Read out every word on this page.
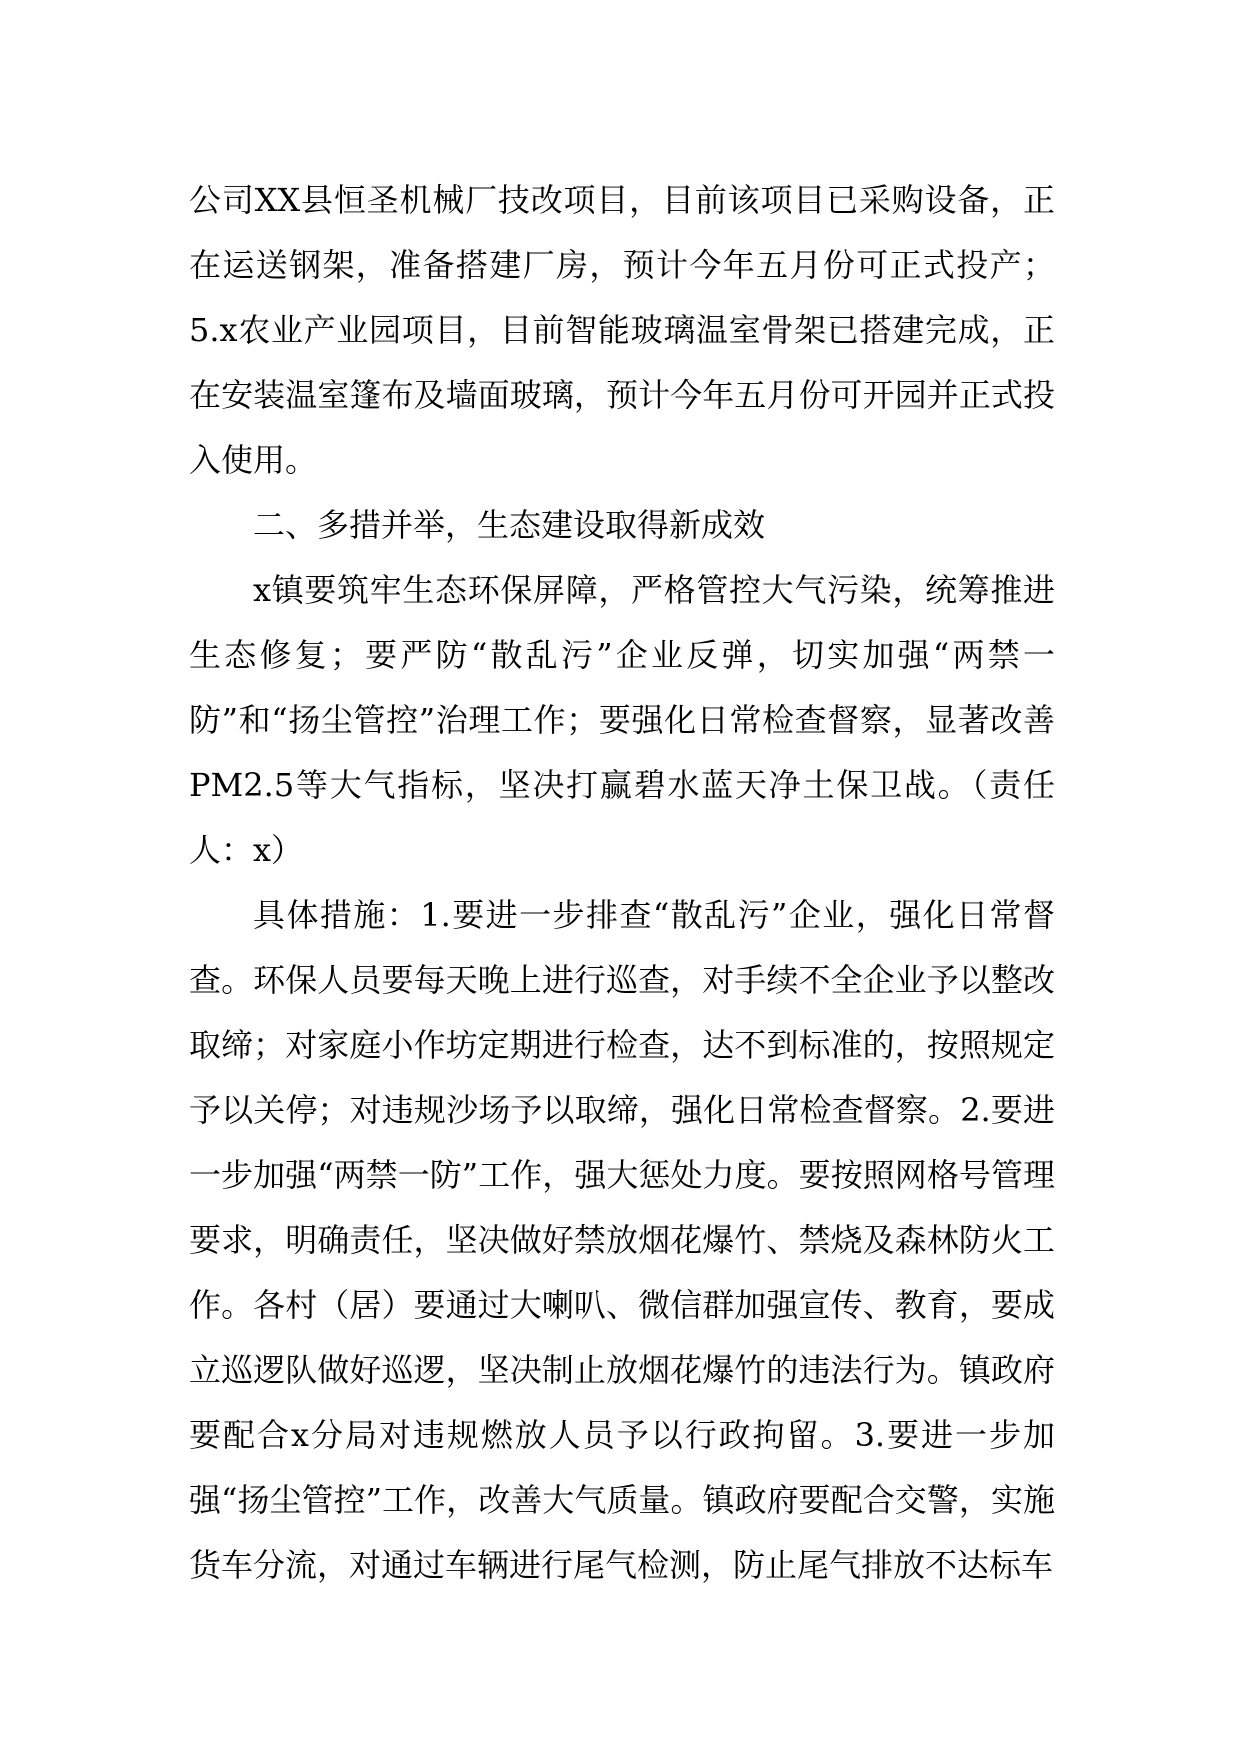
公司XX县恒圣机械厂技改项目，目前该项目已采购设备，正在运送钢架，准备搭建厂房，预计今年五月份可正式投产；5.x农业产业园项目，目前智能玻璃温室骨架已搭建完成，正在安装温室篷布及墙面玻璃，预计今年五月份可开园并正式投入使用。

二、多措并举，生态建设取得新成效

x镇要筑牢生态环保屏障，严格管控大气污染，统筹推进生态修复；要严防“散乱污”企业反弹，切实加强“两禁一防”和“扬尘管控”治理工作；要强化日常检查督察，显著改善PM2.5等大气指标，坚决打赢碧水蓝天净土保卫战。（责任人：x）

具体措施：1.要进一步排查“散乱污”企业，强化日常督查。环保人员要每天晚上进行巡查，对手续不全企业予以整改取缔；对家庭小作坊定期进行检查，达不到标准的，按照规定予以关停；对违规沙场予以取缔，强化日常检查督察。2.要进一步加强“两禁一防”工作，强大惩处力度。要按照网格号管理要求，明确责任，坚决做好禁放烟花爆竹、禁烧及森林防火工作。各村（居）要通过大喇叭、微信群加强宣传、教育，要成立巡逻队做好巡逻，坚决制止放烟花爆竹的违法行为。镇政府要配合x分局对违规燃放人员予以行政拘留。3.要进一步加强“扬尘管控”工作，改善大气质量。镇政府要配合交警，实施货车分流，对通过车辆进行尾气检测，防止尾气排放不达标车
